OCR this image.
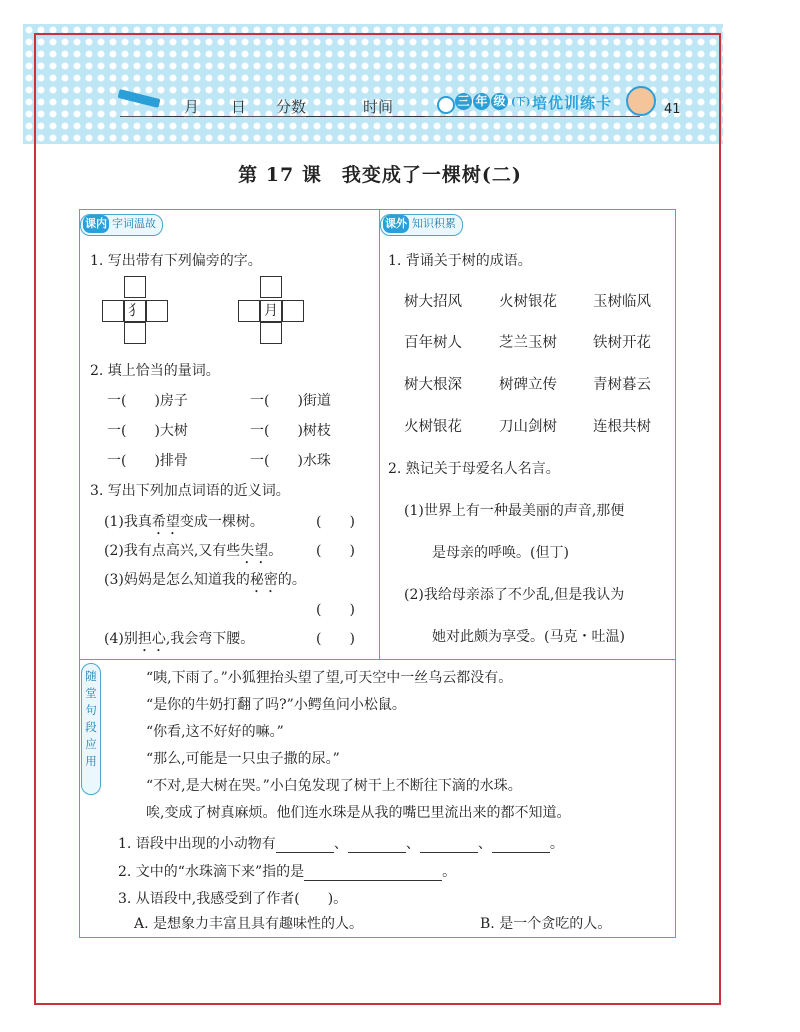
月 日 分数	时间	三 年 级 (下) 培优训练卡	41
第 17 课　我变成了一棵树(二)
课内 字词温故
1. 写出带有下列偏旁的字。
犭	月
2. 填上恰当的量词。
一(　　)房子	一(　　)街道
一(　　)大树	一(　　)树枝
一(　　)排骨	一(　　)水珠
3. 写出下列加点词语的近义词。
(1)我真希望变成一棵树。	(　　)
(2)我有点高兴,又有些失望。 (　　)
(3)妈妈是怎么知道我的秘密的。
(　　)
(4)别担心,我会弯下腰。	(　　)
课外 知识积累
1. 背诵关于树的成语。
树大招风	火树银花 玉树临风
百年树人	芝兰玉树 铁树开花
树大根深	树碑立传 青树暮云
火树银花	刀山剑树 连根共树
2. 熟记关于母爱名人名言。
(1)世界上有一种最美丽的声音,那便
是母亲的呼唤。(但丁)
(2)我给母亲添了不少乱,但是我认为
她对此颇为享受。(马克・吐温)
随
堂
句
段
应
用
“咦,下雨了。”小狐狸抬头望了望,可天空中一丝乌云都没有。
“是你的牛奶打翻了吗?”小鳄鱼问小松鼠。
“你看,这不好好的嘛。”
“那么,可能是一只虫子撒的尿。”
“不对,是大树在哭。”小白兔发现了树干上不断往下滴的水珠。
唉,变成了树真麻烦。他们连水珠是从我的嘴巴里流出来的都不知道。
1. 语段中出现的小动物有	、	、	、	。
2. 文中的“水珠滴下来”指的是	。
3. 从语段中,我感受到了作者(　　)。
A. 是想象力丰富且具有趣味性的人。	B. 是一个贪吃的人。
